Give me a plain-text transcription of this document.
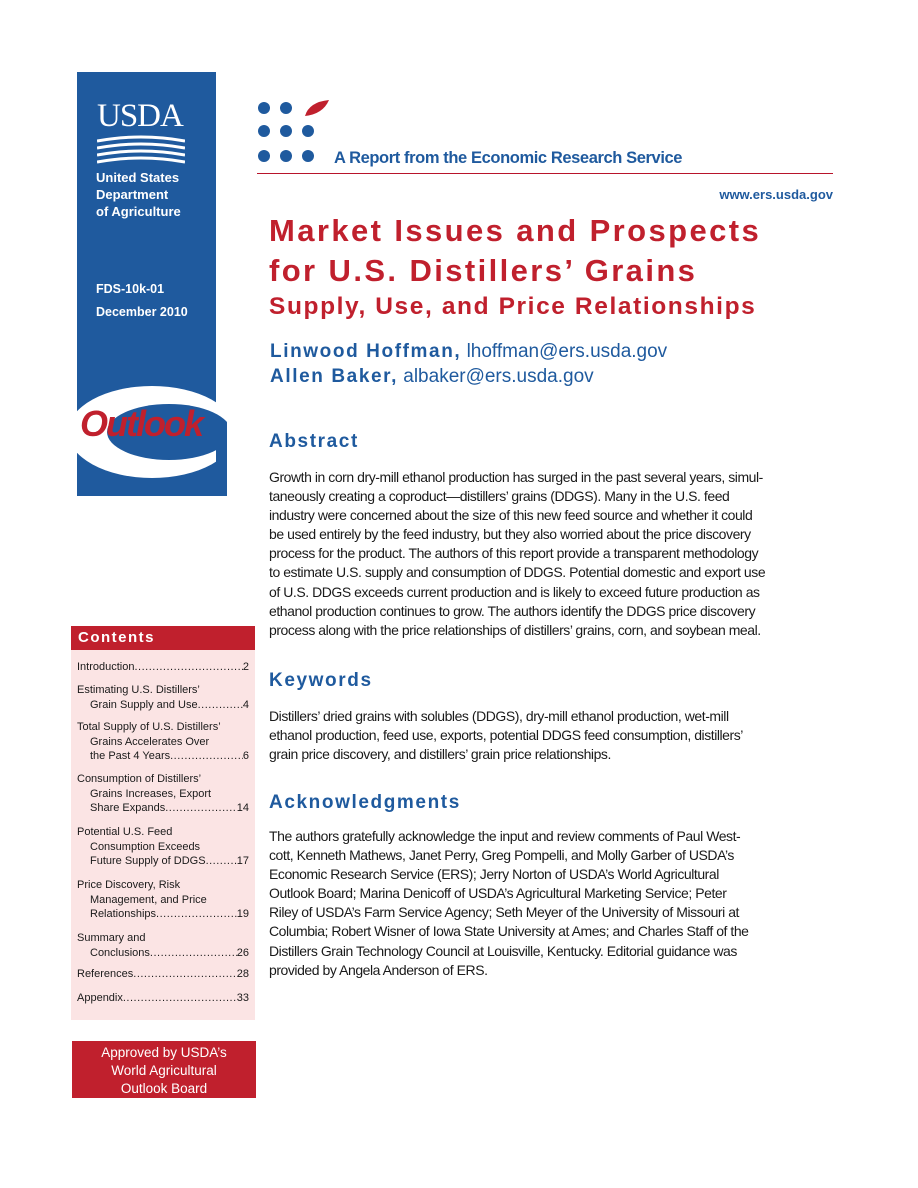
USDA
United States
Department
of Agriculture
FDS-10k-01
December 2010
Outlook
A Report from the Economic Research Service
www.ers.usda.gov
Market Issues and Prospects
for U.S. Distillers’ Grains
Supply, Use, and Price Relationships
Linwood Hoffman, lhoffman@ers.usda.gov
Allen Baker, albaker@ers.usda.gov
Abstract
Growth in corn dry-mill ethanol production has surged in the past several years, simul-
taneously creating a coproduct—distillers’ grains (DDGS). Many in the U.S. feed
industry were concerned about the size of this new feed source and whether it could
be used entirely by the feed industry, but they also worried about the price discovery
process for the product. The authors of this report provide a transparent methodology
to estimate U.S. supply and consumption of DDGS. Potential domestic and export use
of U.S. DDGS exceeds current production and is likely to exceed future production as
ethanol production continues to grow. The authors identify the DDGS price discovery
process along with the price relationships of distillers’ grains, corn, and soybean meal.
Keywords
Distillers’ dried grains with solubles (DDGS), dry-mill ethanol production, wet-mill
ethanol production, feed use, exports, potential DDGS feed consumption, distillers’
grain price discovery, and distillers’ grain price relationships.
Acknowledgments
The authors gratefully acknowledge the input and review comments of Paul West-
cott, Kenneth Mathews, Janet Perry, Greg Pompelli, and Molly Garber of USDA’s
Economic Research Service (ERS); Jerry Norton of USDA’s World Agricultural
Outlook Board; Marina Denicoff of USDA’s Agricultural Marketing Service; Peter
Riley of USDA’s Farm Service Agency; Seth Meyer of the University of Missouri at
Columbia; Robert Wisner of Iowa State University at Ames; and Charles Staff of the
Distillers Grain Technology Council at Louisville, Kentucky. Editorial guidance was
provided by Angela Anderson of ERS.
Contents
Introduction .....	2
Estimating U.S. Distillers’
Grain Supply and Use .....	4
Total Supply of U.S. Distillers’
Grains Accelerates Over
the Past 4 Years .....	6
Consumption of Distillers’
Grains Increases, Export
Share Expands .....	14
Potential U.S. Feed
Consumption Exceeds
Future Supply of DDGS .....	17
Price Discovery, Risk
Management, and Price
Relationships .....	19
Summary and
Conclusions .....	26
References .....	28
Appendix .....	33
Approved by USDA’s
World Agricultural
Outlook Board
